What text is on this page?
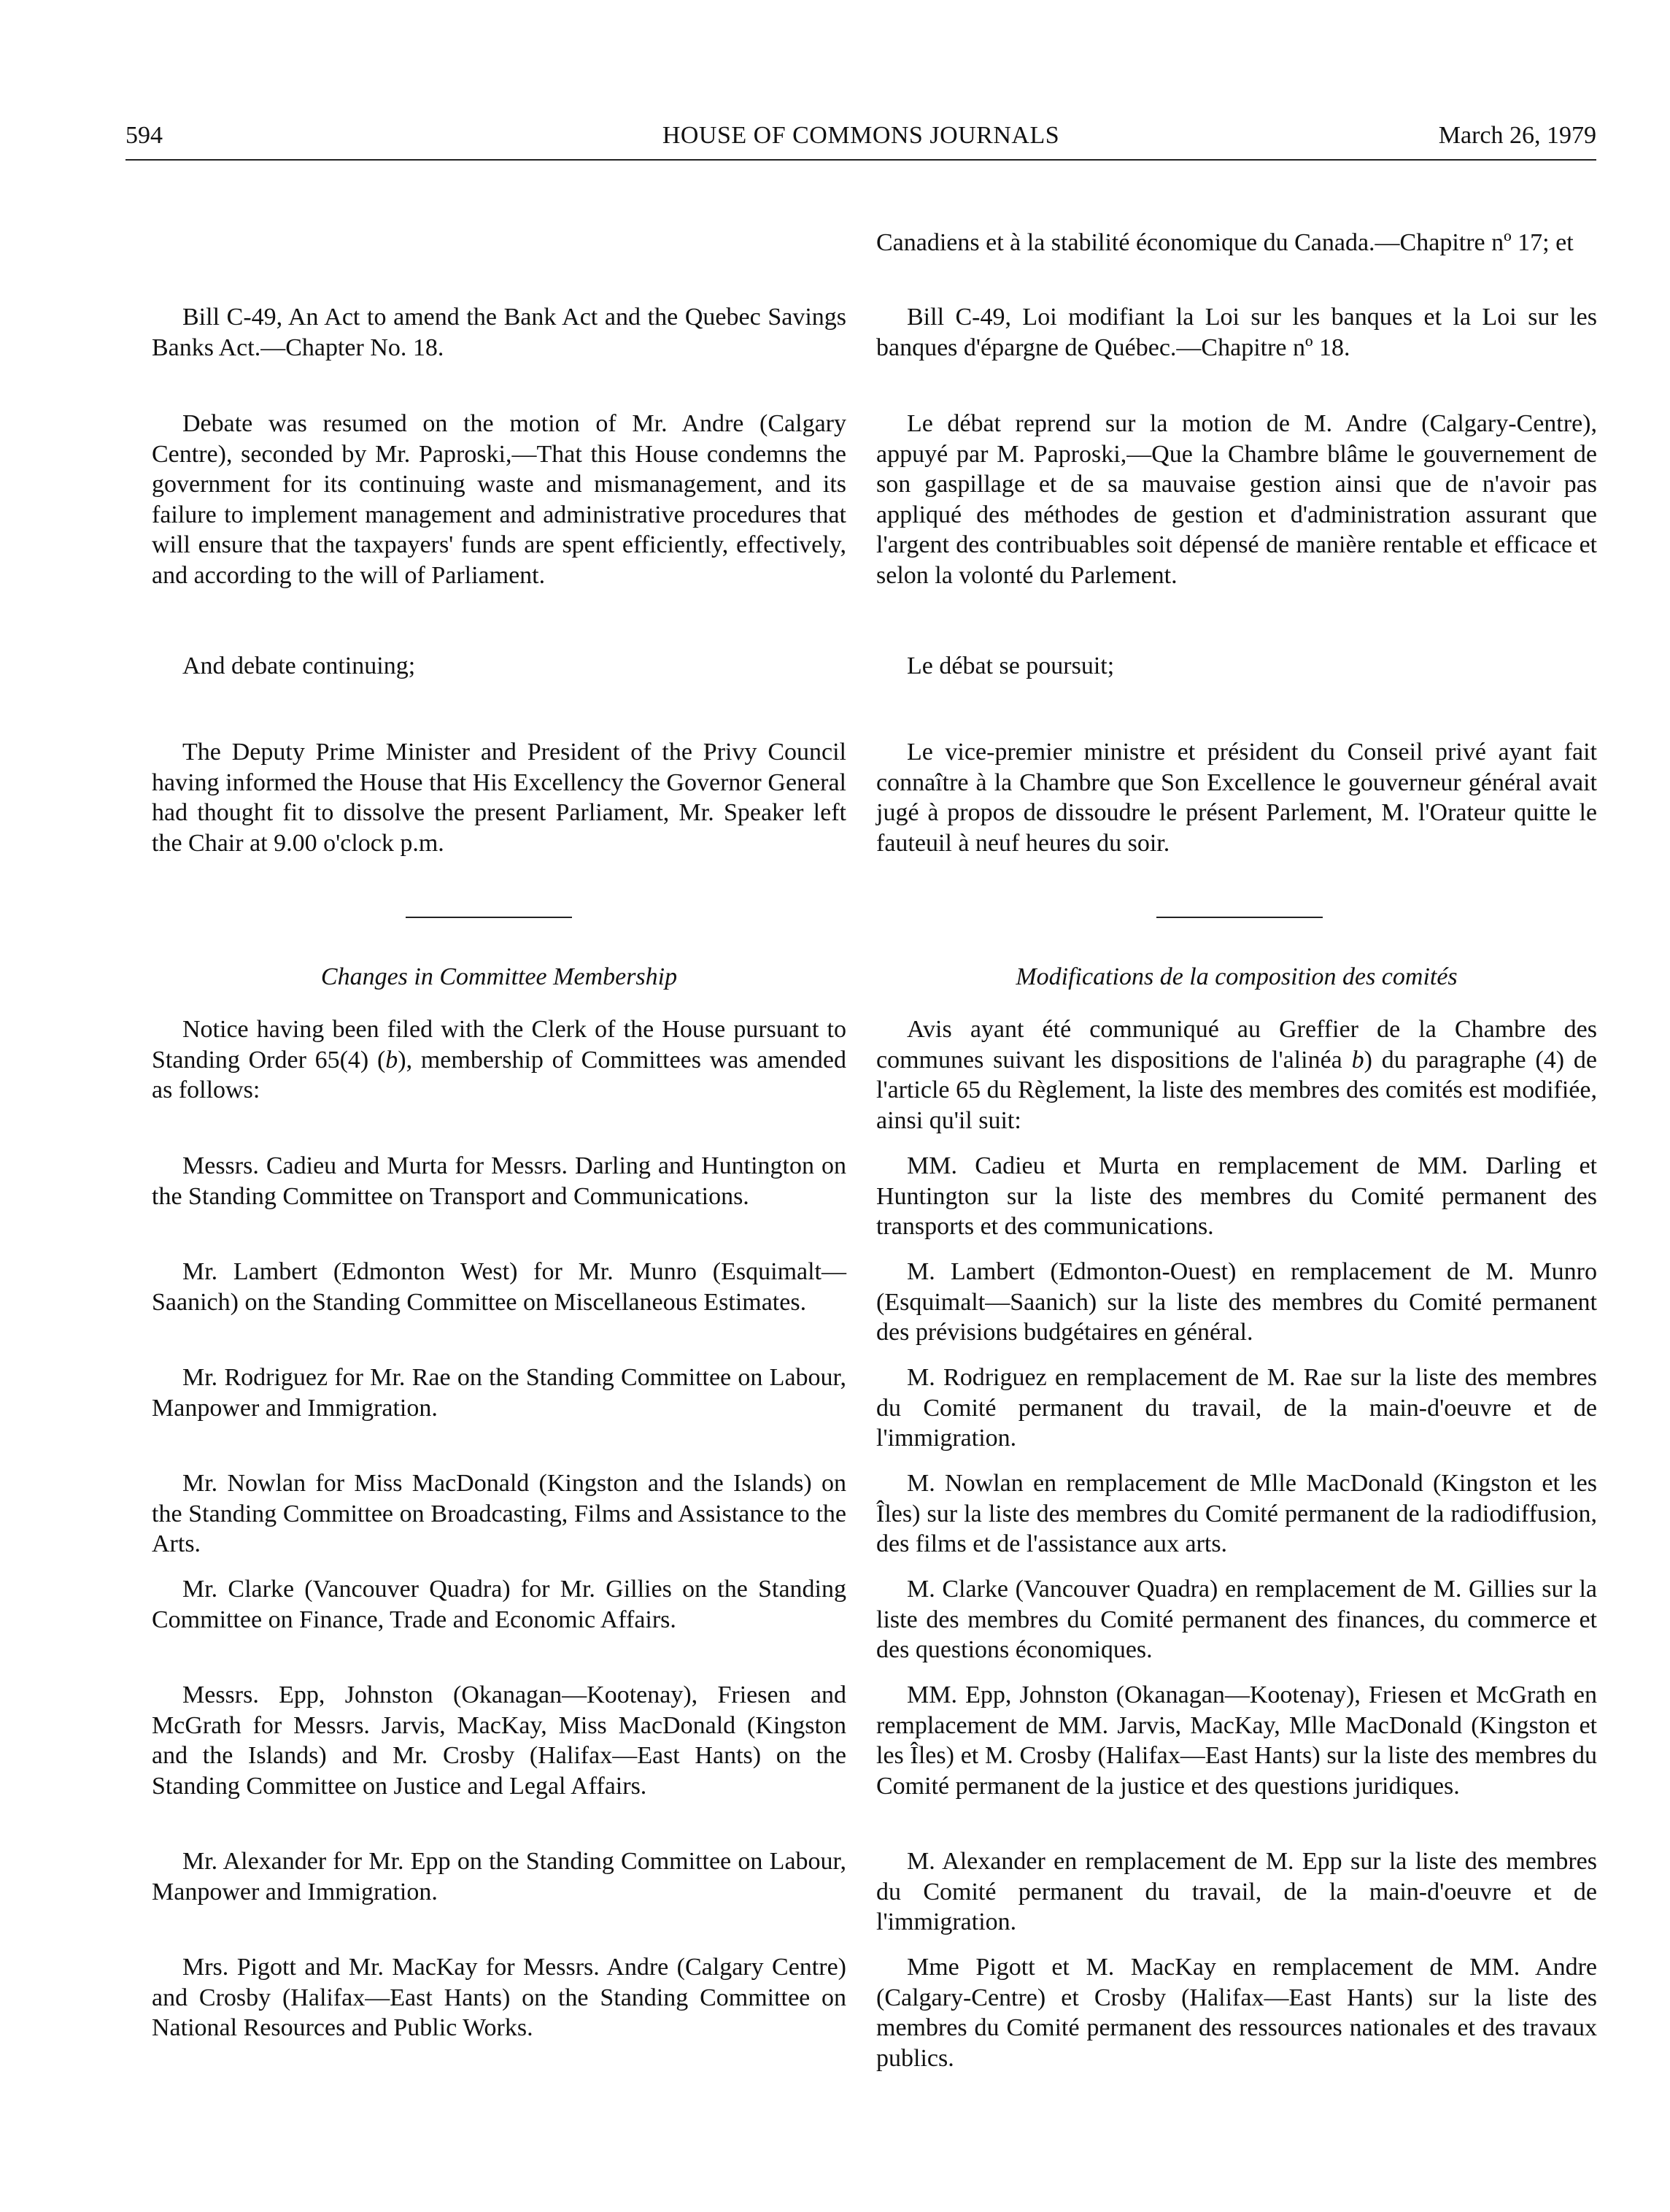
594	HOUSE OF COMMONS JOURNALS	March 26, 1979

Canadiens et à la stabilité économique du Canada.—Chapitre nº 17; et

Bill C-49, An Act to amend the Bank Act and the Quebec Savings Banks Act.—Chapter No. 18.

Bill C-49, Loi modifiant la Loi sur les banques et la Loi sur les banques d'épargne de Québec.—Chapitre nº 18.

Debate was resumed on the motion of Mr. Andre (Calgary Centre), seconded by Mr. Paproski,—That this House condemns the government for its continuing waste and mismanagement, and its failure to implement management and administrative procedures that will ensure that the taxpayers' funds are spent efficiently, effectively, and according to the will of Parliament.

Le débat reprend sur la motion de M. Andre (Calgary-Centre), appuyé par M. Paproski,—Que la Chambre blâme le gouvernement de son gaspillage et de sa mauvaise gestion ainsi que de n'avoir pas appliqué des méthodes de gestion et d'administration assurant que l'argent des contribuables soit dépensé de manière rentable et efficace et selon la volonté du Parlement.

And debate continuing;	Le débat se poursuit;

The Deputy Prime Minister and President of the Privy Council having informed the House that His Excellency the Governor General had thought fit to dissolve the present Parliament, Mr. Speaker left the Chair at 9.00 o'clock p.m.

Le vice-premier ministre et président du Conseil privé ayant fait connaître à la Chambre que Son Excellence le gouverneur général avait jugé à propos de dissoudre le présent Parlement, M. l'Orateur quitte le fauteuil à neuf heures du soir.

Changes in Committee Membership	Modifications de la composition des comités

Notice having been filed with the Clerk of the House pursuant to Standing Order 65(4) (b), membership of Committees was amended as follows:

Avis ayant été communiqué au Greffier de la Chambre des communes suivant les dispositions de l'alinéa b) du paragraphe (4) de l'article 65 du Règlement, la liste des membres des comités est modifiée, ainsi qu'il suit:

Messrs. Cadieu and Murta for Messrs. Darling and Huntington on the Standing Committee on Transport and Communications.

Mr. Lambert (Edmonton West) for Mr. Munro (Esquimalt—Saanich) on the Standing Committee on Miscellaneous Estimates.

Mr. Rodriguez for Mr. Rae on the Standing Committee on Labour, Manpower and Immigration.

Mr. Nowlan for Miss MacDonald (Kingston and the Islands) on the Standing Committee on Broadcasting, Films and Assistance to the Arts.

Mr. Clarke (Vancouver Quadra) for Mr. Gillies on the Standing Committee on Finance, Trade and Economic Affairs.

Messrs. Epp, Johnston (Okanagan—Kootenay), Friesen and McGrath for Messrs. Jarvis, MacKay, Miss MacDonald (Kingston and the Islands) and Mr. Crosby (Halifax—East Hants) on the Standing Committee on Justice and Legal Affairs.

Mr. Alexander for Mr. Epp on the Standing Committee on Labour, Manpower and Immigration.

Mrs. Pigott and Mr. MacKay for Messrs. Andre (Calgary Centre) and Crosby (Halifax—East Hants) on the Standing Committee on National Resources and Public Works.

MM. Cadieu et Murta en remplacement de MM. Darling et Huntington sur la liste des membres du Comité permanent des transports et des communications.

M. Lambert (Edmonton-Ouest) en remplacement de M. Munro (Esquimalt—Saanich) sur la liste des membres du Comité permanent des prévisions budgétaires en général.

M. Rodriguez en remplacement de M. Rae sur la liste des membres du Comité permanent du travail, de la main-d'oeuvre et de l'immigration.

M. Nowlan en remplacement de Mlle MacDonald (Kingston et les Îles) sur la liste des membres du Comité permanent de la radiodiffusion, des films et de l'assistance aux arts.

M. Clarke (Vancouver Quadra) en remplacement de M. Gillies sur la liste des membres du Comité permanent des finances, du commerce et des questions économiques.

MM. Epp, Johnston (Okanagan—Kootenay), Friesen et McGrath en remplacement de MM. Jarvis, MacKay, Mlle MacDonald (Kingston et les Îles) et M. Crosby (Halifax—East Hants) sur la liste des membres du Comité permanent de la justice et des questions juridiques.

M. Alexander en remplacement de M. Epp sur la liste des membres du Comité permanent du travail, de la main-d'oeuvre et de l'immigration.

Mme Pigott et M. MacKay en remplacement de MM. Andre (Calgary-Centre) et Crosby (Halifax—East Hants) sur la liste des membres du Comité permanent des ressources nationales et des travaux publics.
